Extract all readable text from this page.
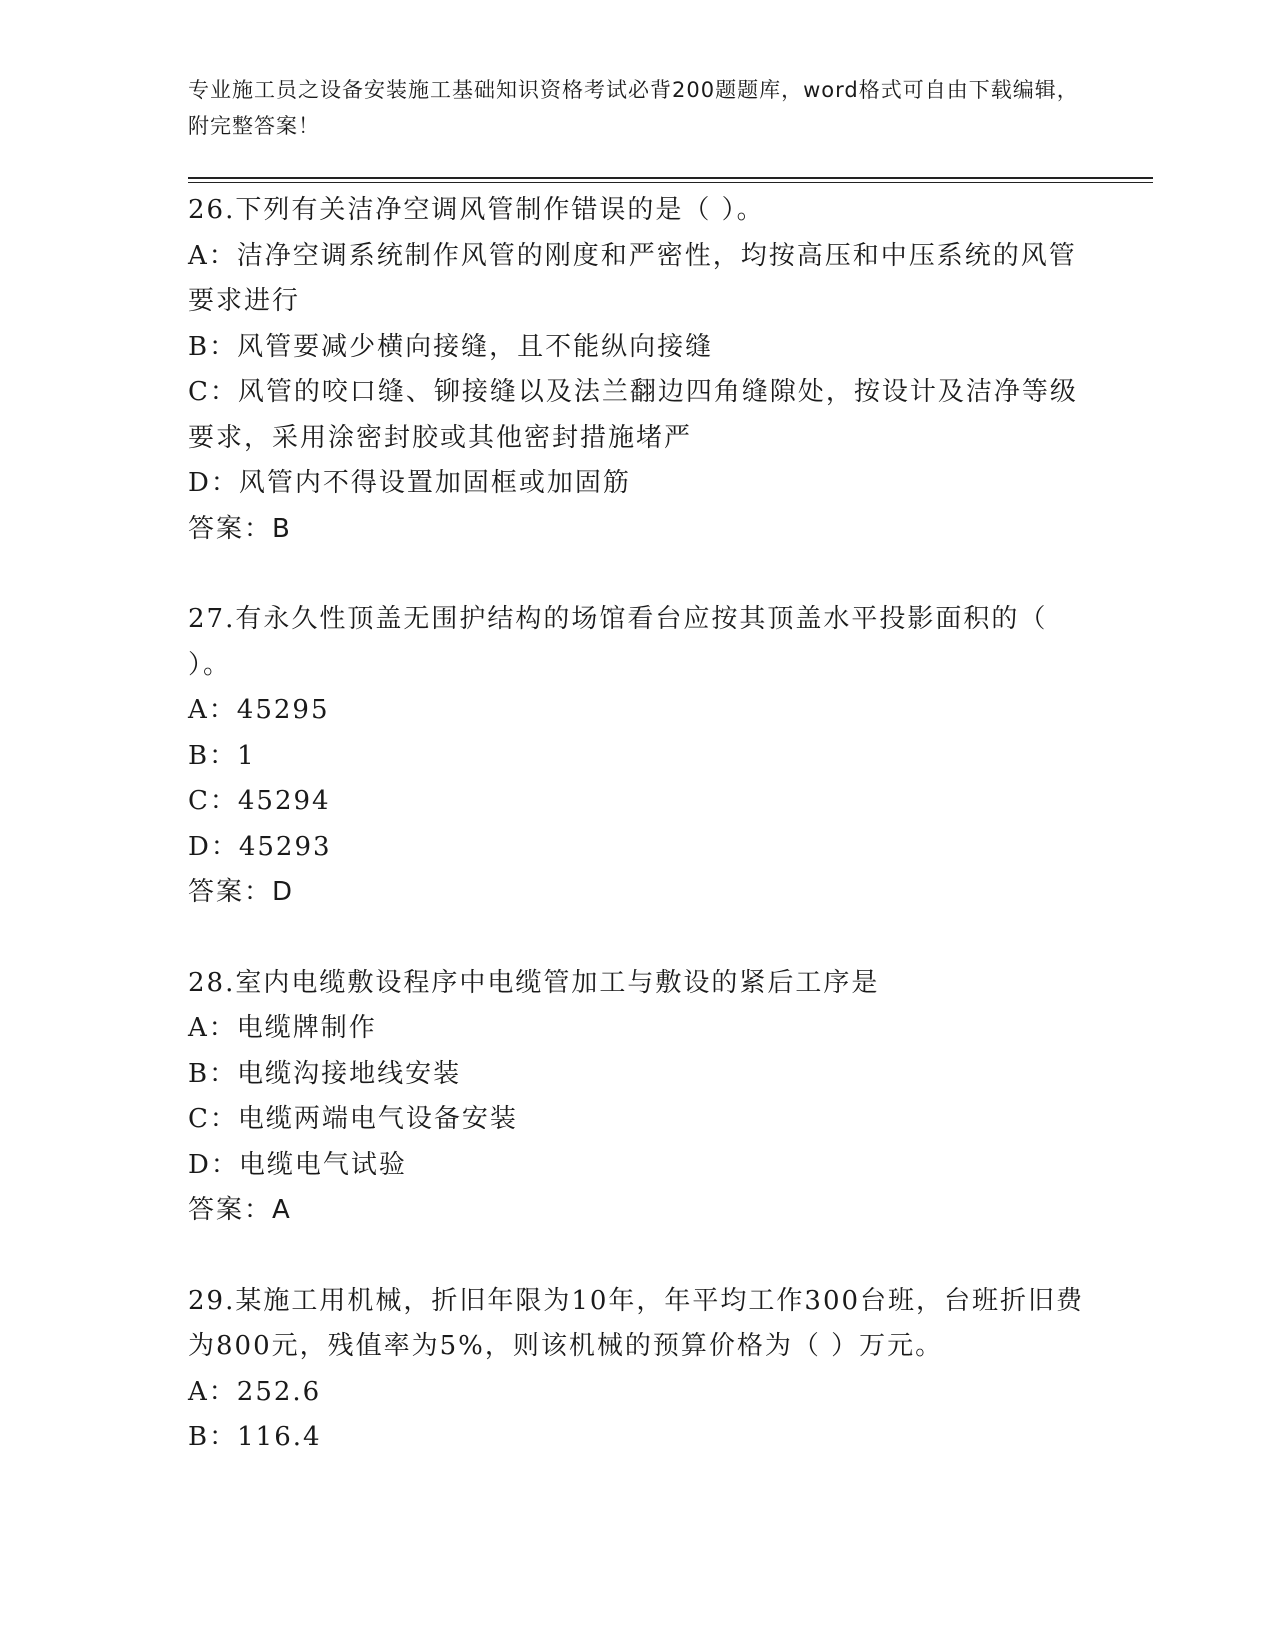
专业施工员之设备安装施工基础知识资格考试必背200题题库，word格式可自由下载编辑，附完整答案！

26.下列有关洁净空调风管制作错误的是（ ）。

A：洁净空调系统制作风管的刚度和严密性，均按高压和中压系统的风管要求进行

B：风管要减少横向接缝，且不能纵向接缝

C：风管的咬口缝、铆接缝以及法兰翻边四角缝隙处，按设计及洁净等级要求，采用涂密封胶或其他密封措施堵严

D：风管内不得设置加固框或加固筋

答案：B

27.有永久性顶盖无围护结构的场馆看台应按其顶盖水平投影面积的（ ）。

A：45295

B：1

C：45294

D：45293

答案：D

28.室内电缆敷设程序中电缆管加工与敷设的紧后工序是

A：电缆牌制作

B：电缆沟接地线安装

C：电缆两端电气设备安装

D：电缆电气试验

答案：A

29.某施工用机械，折旧年限为10年，年平均工作300台班，台班折旧费为800元，残值率为5%，则该机械的预算价格为（ ）万元。

A：252.6

B：116.4
